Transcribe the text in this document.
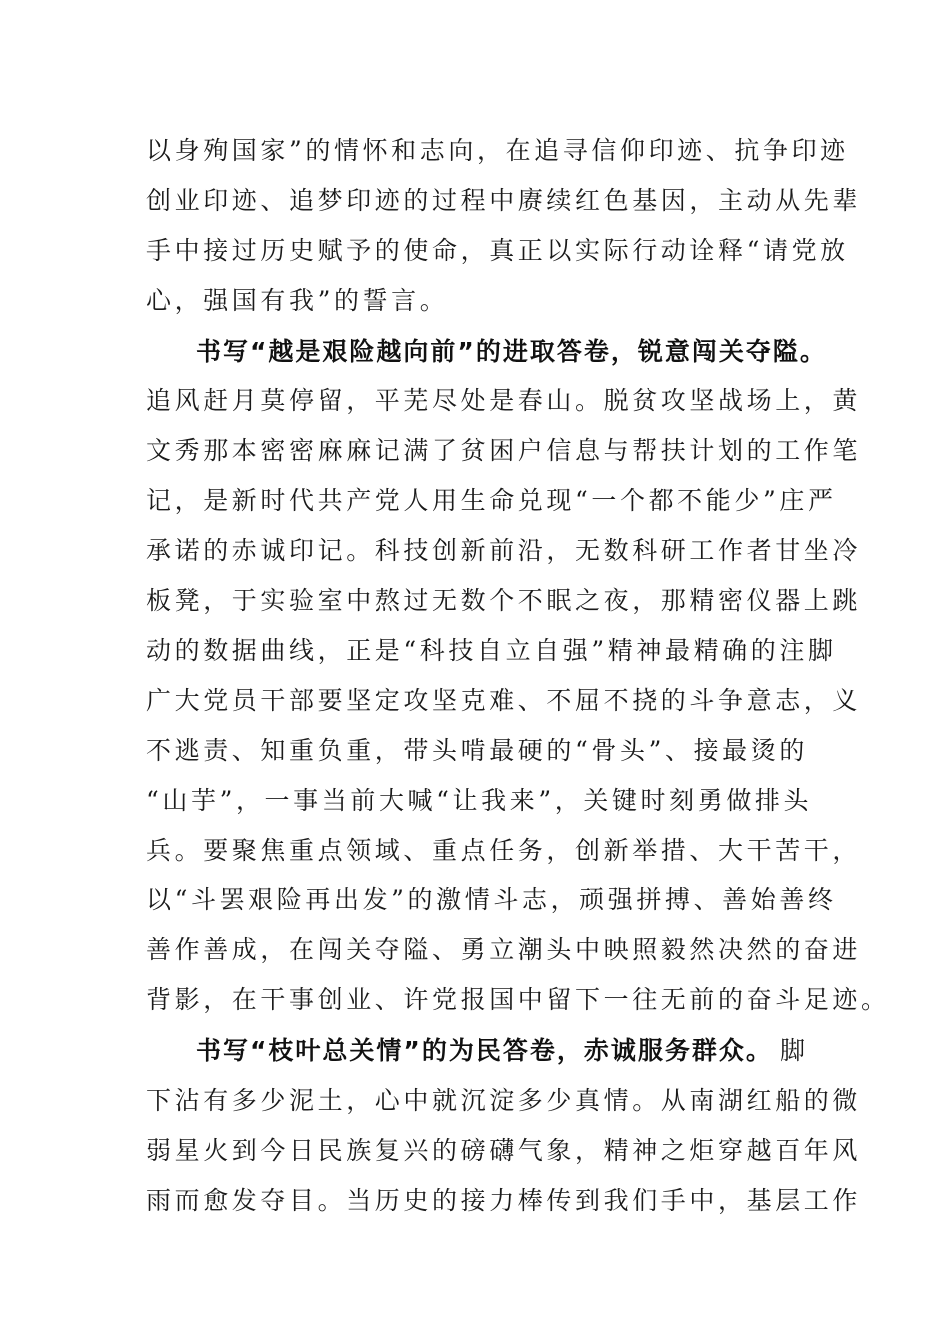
以身殉国家”的情怀和志向，在追寻信仰印迹、抗争印迹
创业印迹、追梦印迹的过程中赓续红色基因，主动从先辈
手中接过历史赋予的使命，真正以实际行动诠释“请党放
心，强国有我”的誓言。
书写“越是艰险越向前”的进取答卷，锐意闯关夺隘。
追风赶月莫停留，平芜尽处是春山。脱贫攻坚战场上，黄
文秀那本密密麻麻记满了贫困户信息与帮扶计划的工作笔
记，是新时代共产党人用生命兑现“一个都不能少”庄严
承诺的赤诚印记。科技创新前沿，无数科研工作者甘坐冷
板凳，于实验室中熬过无数个不眠之夜，那精密仪器上跳
动的数据曲线，正是“科技自立自强”精神最精确的注脚
广大党员干部要坚定攻坚克难、不屈不挠的斗争意志，义
不逃责、知重负重，带头啃最硬的“骨头”、接最烫的
“山芋”，一事当前大喊“让我来”，关键时刻勇做排头
兵。要聚焦重点领域、重点任务，创新举措、大干苦干，
以“斗罢艰险再出发”的激情斗志，顽强拼搏、善始善终
善作善成，在闯关夺隘、勇立潮头中映照毅然决然的奋进
背影，在干事创业、许党报国中留下一往无前的奋斗足迹。
书写“枝叶总关情”的为民答卷，赤诚服务群众。 脚
下沾有多少泥土，心中就沉淀多少真情。从南湖红船的微
弱星火到今日民族复兴的磅礴气象，精神之炬穿越百年风
雨而愈发夺目。当历史的接力棒传到我们手中，基层工作
